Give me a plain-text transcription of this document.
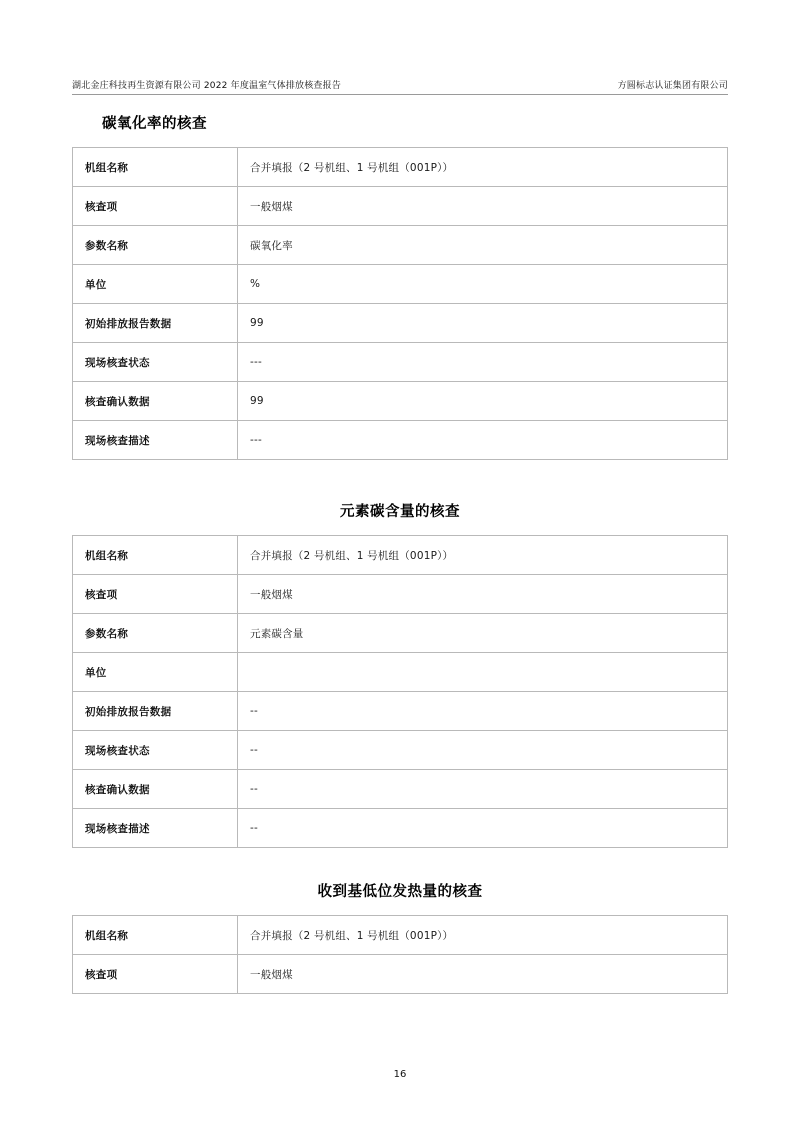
湖北金庄科技再生资源有限公司 2022 年度温室气体排放核查报告	方圆标志认证集团有限公司
碳氧化率的核查
机组名称	合并填报（2 号机组、1 号机组（001P））
核查项	一般烟煤
参数名称	碳氧化率
单位	%
初始排放报告数据	99
现场核查状态	---
核查确认数据	99
现场核查描述	---
元素碳含量的核查
机组名称	合并填报（2 号机组、1 号机组（001P））
核查项	一般烟煤
参数名称	元素碳含量
单位	
初始排放报告数据	--
现场核查状态	--
核查确认数据	--
现场核查描述	--
收到基低位发热量的核查
机组名称	合并填报（2 号机组、1 号机组（001P））
核查项	一般烟煤
16
